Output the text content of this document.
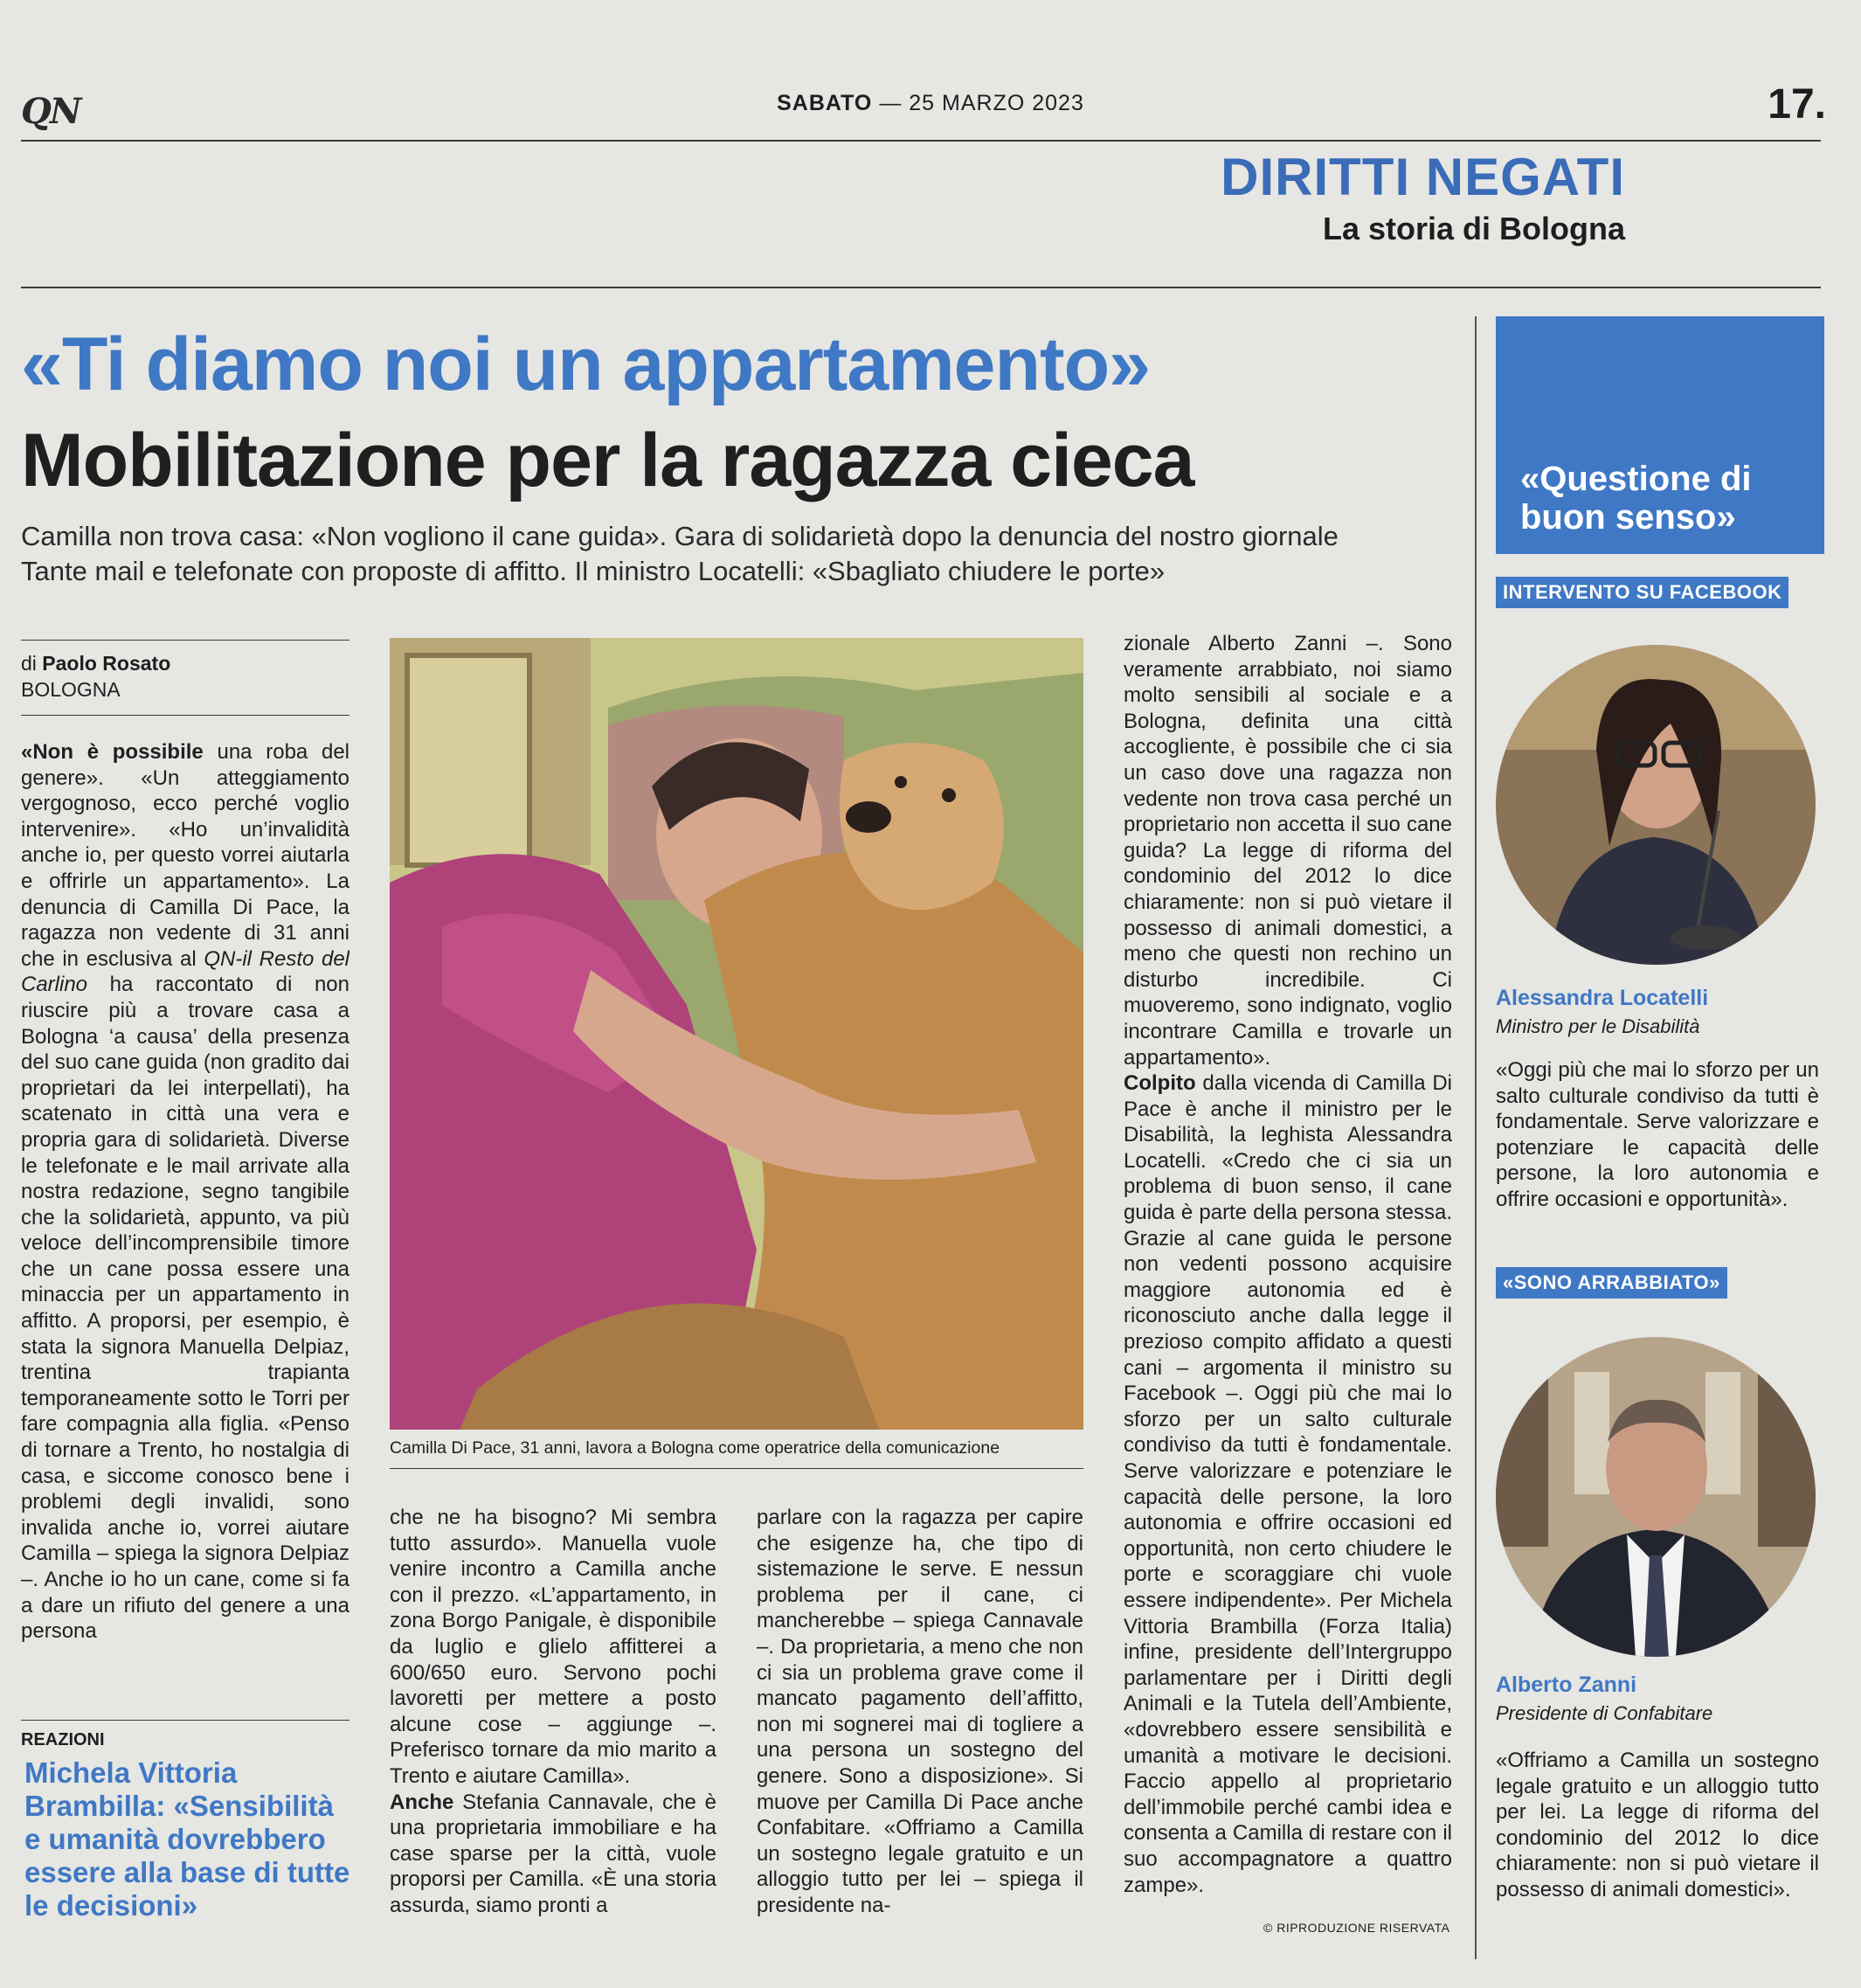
QN	SABATO — 25 MARZO 2023	17.
DIRITTI NEGATI
La storia di Bologna
«Ti diamo noi un appartamento»
Mobilitazione per la ragazza cieca
Camilla non trova casa: «Non vogliono il cane guida». Gara di solidarietà dopo la denuncia del nostro giornale
Tante mail e telefonate con proposte di affitto. Il ministro Locatelli: «Sbagliato chiudere le porte»
di Paolo Rosato
BOLOGNA

«Non è possibile una roba del genere». «Un atteggiamento vergognoso, ecco perché voglio intervenire». «Ho un’invalidità anche io, per questo vorrei aiutarla e offrirle un appartamento». La denuncia di Camilla Di Pace, la ragazza non vedente di 31 anni che in esclusiva al QN-il Resto del Carlino ha raccontato di non riuscire più a trovare casa a Bologna ‘a causa’ della presenza del suo cane guida (non gradito dai proprietari da lei interpellati), ha scatenato in città una vera e propria gara di solidarietà. Diverse le telefonate e le mail arrivate alla nostra redazione, segno tangibile che la solidarietà, appunto, va più veloce dell’incomprensibile timore che un cane possa essere una minaccia per un appartamento in affitto. A proporsi, per esempio, è stata la signora Manuella Delpiaz, trentina trapianta temporaneamente sotto le Torri per fare compagnia alla figlia. «Penso di tornare a Trento, ho nostalgia di casa, e siccome conosco bene i problemi degli invalidi, sono invalida anche io, vorrei aiutare Camilla – spiega la signora Delpiaz –. Anche io ho un cane, come si fa a dare un rifiuto del genere a una persona

Camilla Di Pace, 31 anni, lavora a Bologna come operatrice della comunicazione

che ne ha bisogno? Mi sembra tutto assurdo». Manuella vuole venire incontro a Camilla anche con il prezzo. «L’appartamento, in zona Borgo Panigale, è disponibile da luglio e glielo affitterei a 600/650 euro. Servono pochi lavoretti per mettere a posto alcune cose – aggiunge –. Preferisco tornare da mio marito a Trento e aiutare Camilla».
Anche Stefania Cannavale, che è una proprietaria immobiliare e ha case sparse per la città, vuole proporsi per Camilla. «È una storia assurda, siamo pronti a

parlare con la ragazza per capire che esigenze ha, che tipo di sistemazione le serve. E nessun problema per il cane, ci mancherebbe – spiega Cannavale –. Da proprietaria, a meno che non ci sia un problema grave come il mancato pagamento dell’affitto, non mi sognerei mai di togliere a una persona un sostegno del genere. Sono a disposizione». Si muove per Camilla Di Pace anche Confabitare. «Offriamo a Camilla un sostegno legale gratuito e un alloggio tutto per lei – spiega il presidente na-

zionale Alberto Zanni –. Sono veramente arrabbiato, noi siamo molto sensibili al sociale e a Bologna, definita una città accogliente, è possibile che ci sia un caso dove una ragazza non vedente non trova casa perché un proprietario non accetta il suo cane guida? La legge di riforma del condominio del 2012 lo dice chiaramente: non si può vietare il possesso di animali domestici, a meno che questi non rechino un disturbo incredibile. Ci muoveremo, sono indignato, voglio incontrare Camilla e trovarle un appartamento».
Colpito dalla vicenda di Camilla Di Pace è anche il ministro per le Disabilità, la leghista Alessandra Locatelli. «Credo che ci sia un problema di buon senso, il cane guida è parte della persona stessa. Grazie al cane guida le persone non vedenti possono acquisire maggiore autonomia ed è riconosciuto anche dalla legge il prezioso compito affidato a questi cani – argomenta il ministro su Facebook –. Oggi più che mai lo sforzo per un salto culturale condiviso da tutti è fondamentale. Serve valorizzare e potenziare le capacità delle persone, la loro autonomia e offrire occasioni ed opportunità, non certo chiudere le porte e scoraggiare chi vuole essere indipendente». Per Michela Vittoria Brambilla (Forza Italia) infine, presidente dell’Intergruppo parlamentare per i Diritti degli Animali e la Tutela dell’Ambiente, «dovrebbero essere sensibilità e umanità a motivare le decisioni. Faccio appello al proprietario dell’immobile perché cambi idea e consenta a Camilla di restare con il suo accompagnatore a quattro zampe».

© RIPRODUZIONE RISERVATA
REAZIONI
Michela Vittoria Brambilla: «Sensibilità e umanità dovrebbero essere alla base di tutte le decisioni»
«Questione di buon senso»
INTERVENTO SU FACEBOOK
Alessandra Locatelli
Ministro per le Disabilità
«Oggi più che mai lo sforzo per un salto culturale condiviso da tutti è fondamentale. Serve valorizzare e potenziare le capacità delle persone, la loro autonomia e offrire occasioni e opportunità».
«SONO ARRABBIATO»
Alberto Zanni
Presidente di Confabitare
«Offriamo a Camilla un sostegno legale gratuito e un alloggio tutto per lei. La legge di riforma del condominio del 2012 lo dice chiaramente: non si può vietare il possesso di animali domestici».
